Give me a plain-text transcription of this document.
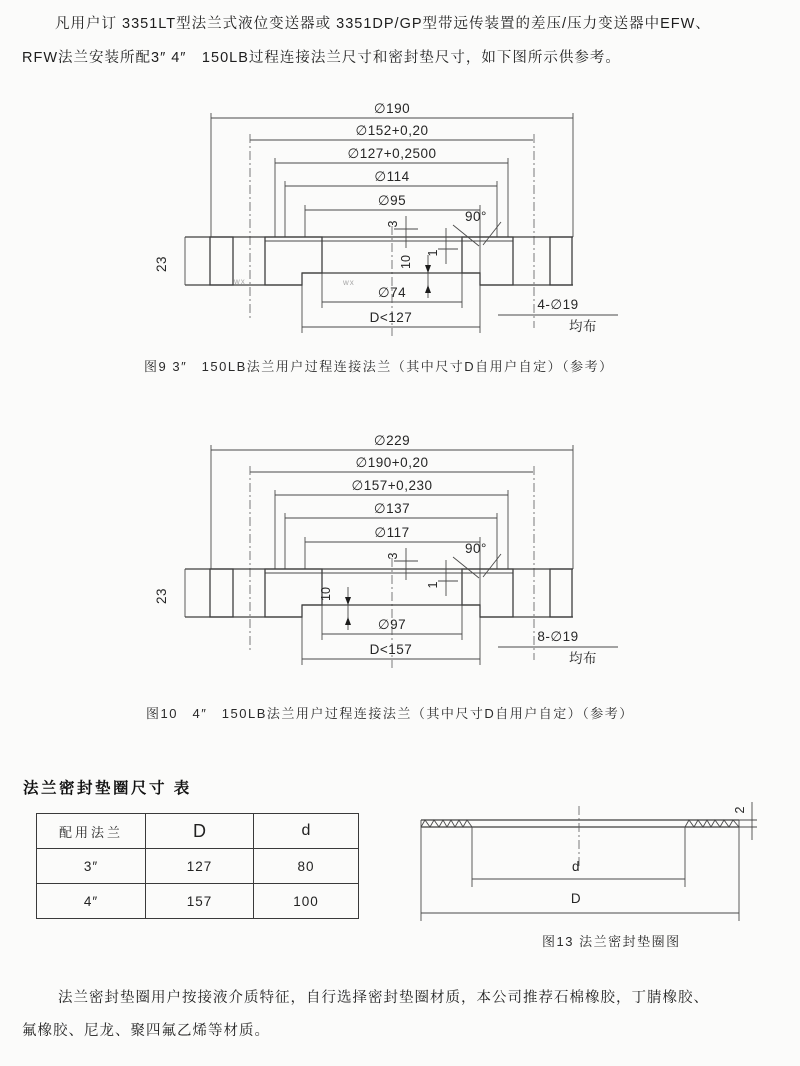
凡用户订 3351LT型法兰式液位变送器或 3351DP/GP型带远传装置的差压/压力变送器中EFW、
RFW法兰安装所配3″ 4″　150LB过程连接法兰尺寸和密封垫尺寸，如下图所示供参考。
wx	wx
23
3
1
90°
10
∅74
D<127
4-∅19
均布
∅190
∅152+0,20
∅127+0,2500
∅114
∅95
图9 3″　150LB法兰用户过程连接法兰（其中尺寸D自用户自定）（参考）
23
3
1
90°
10
∅97
D<157
8-∅19
均布
∅229
∅190+0,20
∅157+0,230
∅137
∅117
图10　4″　150LB法兰用户过程连接法兰（其中尺寸D自用户自定）（参考）
法兰密封垫圈尺寸 表
配用法兰	D	d
3″	127	80
4″	157	100
d
D
2
图13 法兰密封垫圈图
法兰密封垫圈用户按接液介质特征，自行选择密封垫圈材质，本公司推荐石棉橡胶，丁腈橡胶、
氟橡胶、尼龙、聚四氟乙烯等材质。
